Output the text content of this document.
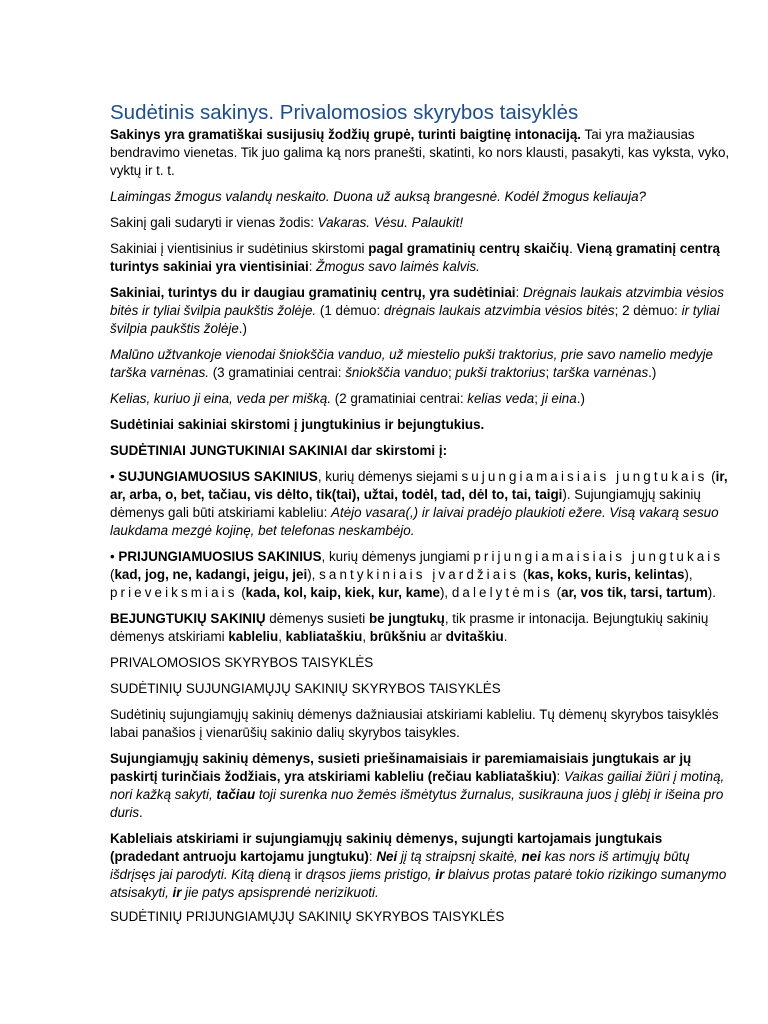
Sudėtinis sakinys. Privalomosios skyrybos taisyklės

Sakinys yra gramatiškai susijusių žodžių grupė, turinti baigtinę intonaciją. Tai yra mažiausias bendravimo vienetas. Tik juo galima ką nors pranešti, skatinti, ko nors klausti, pasakyti, kas vyksta, vyko, vyktų ir t. t.

Laimingas žmogus valandų neskaito. Duona už auksą brangesnė. Kodėl žmogus keliauja?

Sakinį gali sudaryti ir vienas žodis: Vakaras. Vėsu. Palaukit!

Sakiniai į vientisinius ir sudėtinius skirstomi pagal gramatinių centrų skaičių. Vieną gramatinį centrą turintys sakiniai yra vientisiniai: Žmogus savo laimės kalvis.

Sakiniai, turintys du ir daugiau gramatinių centrų, yra sudėtiniai: Drėgnais laukais atzvimbia vėsios bitės ir tyliai švilpia paukštis žolėje. (1 dėmuo: drėgnais laukais atzvimbia vėsios bitės; 2 dėmuo: ir tyliai švilpia paukštis žolėje.)

Malūno užtvankoje vienodai šniokščia vanduo, už miestelio pukši traktorius, prie savo namelio medyje tarška varnėnas. (3 gramatiniai centrai: šniokščia vanduo; pukši traktorius; tarška varnėnas.)

Kelias, kuriuo ji eina, veda per mišką. (2 gramatiniai centrai: kelias veda; ji eina.)

Sudėtiniai sakiniai skirstomi į jungtukinius ir bejungtukius.

SUDĖTINIAI JUNGTUKINIAI SAKINIAI dar skirstomi į:

• SUJUNGIAMUOSIUS SAKINIUS, kurių dėmenys siejami sujungiamaisiais jungtukais (ir, ar, arba, o, bet, tačiau, vis dėlto, tik(tai), užtai, todėl, tad, dėl to, tai, taigi). Sujungiamųjų sakinių dėmenys gali būti atskiriami kableliu: Atėjo vasara(,) ir laivai pradėjo plaukioti ežere. Visą vakarą sesuo laukdama mezgė kojinę, bet telefonas neskambėjo.

• PRIJUNGIAMUOSIUS SAKINIUS, kurių dėmenys jungiami prijungiamaisiais jungtukais (kad, jog, ne, kadangi, jeigu, jei), santykiniais įvardžiais (kas, koks, kuris, kelintas), prieveiksmiais (kada, kol, kaip, kiek, kur, kame), dalelytėmis (ar, vos tik, tarsi, tartum).

BEJUNGTUKIŲ SAKINIŲ dėmenys susieti be jungtukų, tik prasme ir intonacija. Bejungtukių sakinių dėmenys atskiriami kableliu, kabliataškiu, brūkšniu ar dvitaškiu.

PRIVALOMOSIOS SKYRYBOS TAISYKLĖS

SUDĖTINIŲ SUJUNGIAMŲJŲ SAKINIŲ SKYRYBOS TAISYKLĖS

Sudėtinių sujungiamųjų sakinių dėmenys dažniausiai atskiriami kableliu. Tų dėmenų skyrybos taisyklės labai panašios į vienarūšių sakinio dalių skyrybos taisykles.

Sujungiamųjų sakinių dėmenys, susieti priešinamaisiais ir paremiamaisiais jungtukais ar jų paskirtį turinčiais žodžiais, yra atskiriami kableliu (rečiau kabliataškiu): Vaikas gailiai žiūri į motiną, nori kažką sakyti, tačiau toji surenka nuo žemės išmėtytus žurnalus, susikrauna juos į glėbį ir išeina pro duris.

Kableliais atskiriami ir sujungiamųjų sakinių dėmenys, sujungti kartojamais jungtukais (pradedant antruoju kartojamu jungtuku): Nei jį tą straipsnį skaitė, nei kas nors iš artimųjų būtų išdrįsęs jai parodyti. Kitą dieną ir drąsos jiems pristigo, ir blaivus protas patarė tokio rizikingo sumanymo atsisakyti, ir jie patys apsisprendė nerizikuoti.

SUDĖTINIŲ PRIJUNGIAMŲJŲ SAKINIŲ SKYRYBOS TAISYKLĖS
